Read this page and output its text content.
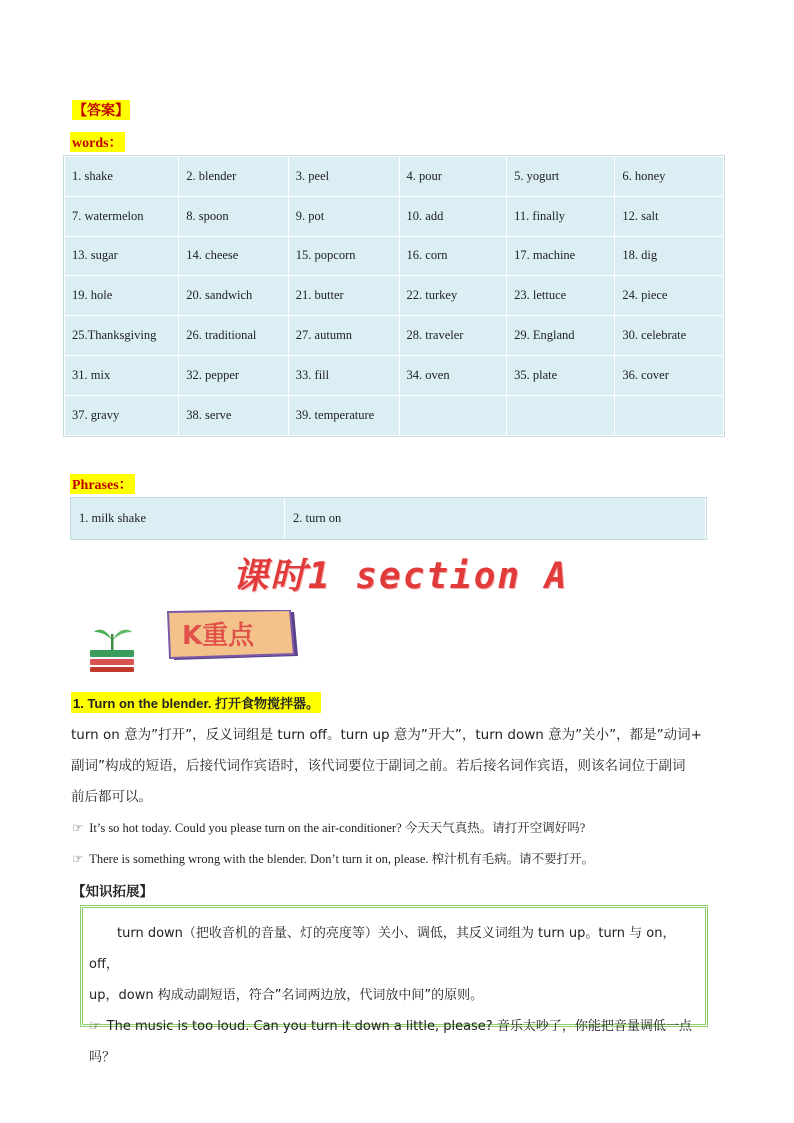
【答案】
words：
1. shake	2. blender	3. peel	4. pour	5. yogurt	6. honey
7. watermelon	8. spoon	9. pot	10. add	11. finally	12. salt
13. sugar	14. cheese	15. popcorn	16. corn	17. machine	18. dig
19. hole	20. sandwich	21. butter	22. turkey	23. lettuce	24. piece
25.Thanksgiving	26. traditional	27. autumn	28. traveler	29. England	30. celebrate
31. mix	32. pepper	33. fill	34. oven	35. plate	36. cover
37. gravy	38. serve	39. temperature			
Phrases：
1. milk shake	2. turn on
课时1 section A
K重点
1. Turn on the blender. 打开食物搅拌器。
turn on 意为”打开”，反义词组是 turn off。turn up 意为”开大”，turn down 意为”关小”，都是”动词+
副词”构成的短语，后接代词作宾语时，该代词要位于副词之前。若后接名词作宾语，则该名词位于副词
前后都可以。
☞ It’s so hot today. Could you please turn on the air-conditioner? 今天天气真热。请打开空调好吗?
☞ There is something wrong with the blender. Don’t turn it on, please. 榨汁机有毛病。请不要打开。
【知识拓展】
turn down（把收音机的音量、灯的亮度等）关小、调低，其反义词组为 turn up。turn 与 on，off，
up，down 构成动副短语，符合”名词两边放，代词放中间”的原则。
☞ The music is too loud. Can you turn it down a little, please? 音乐太吵了，你能把音量调低一点吗？
